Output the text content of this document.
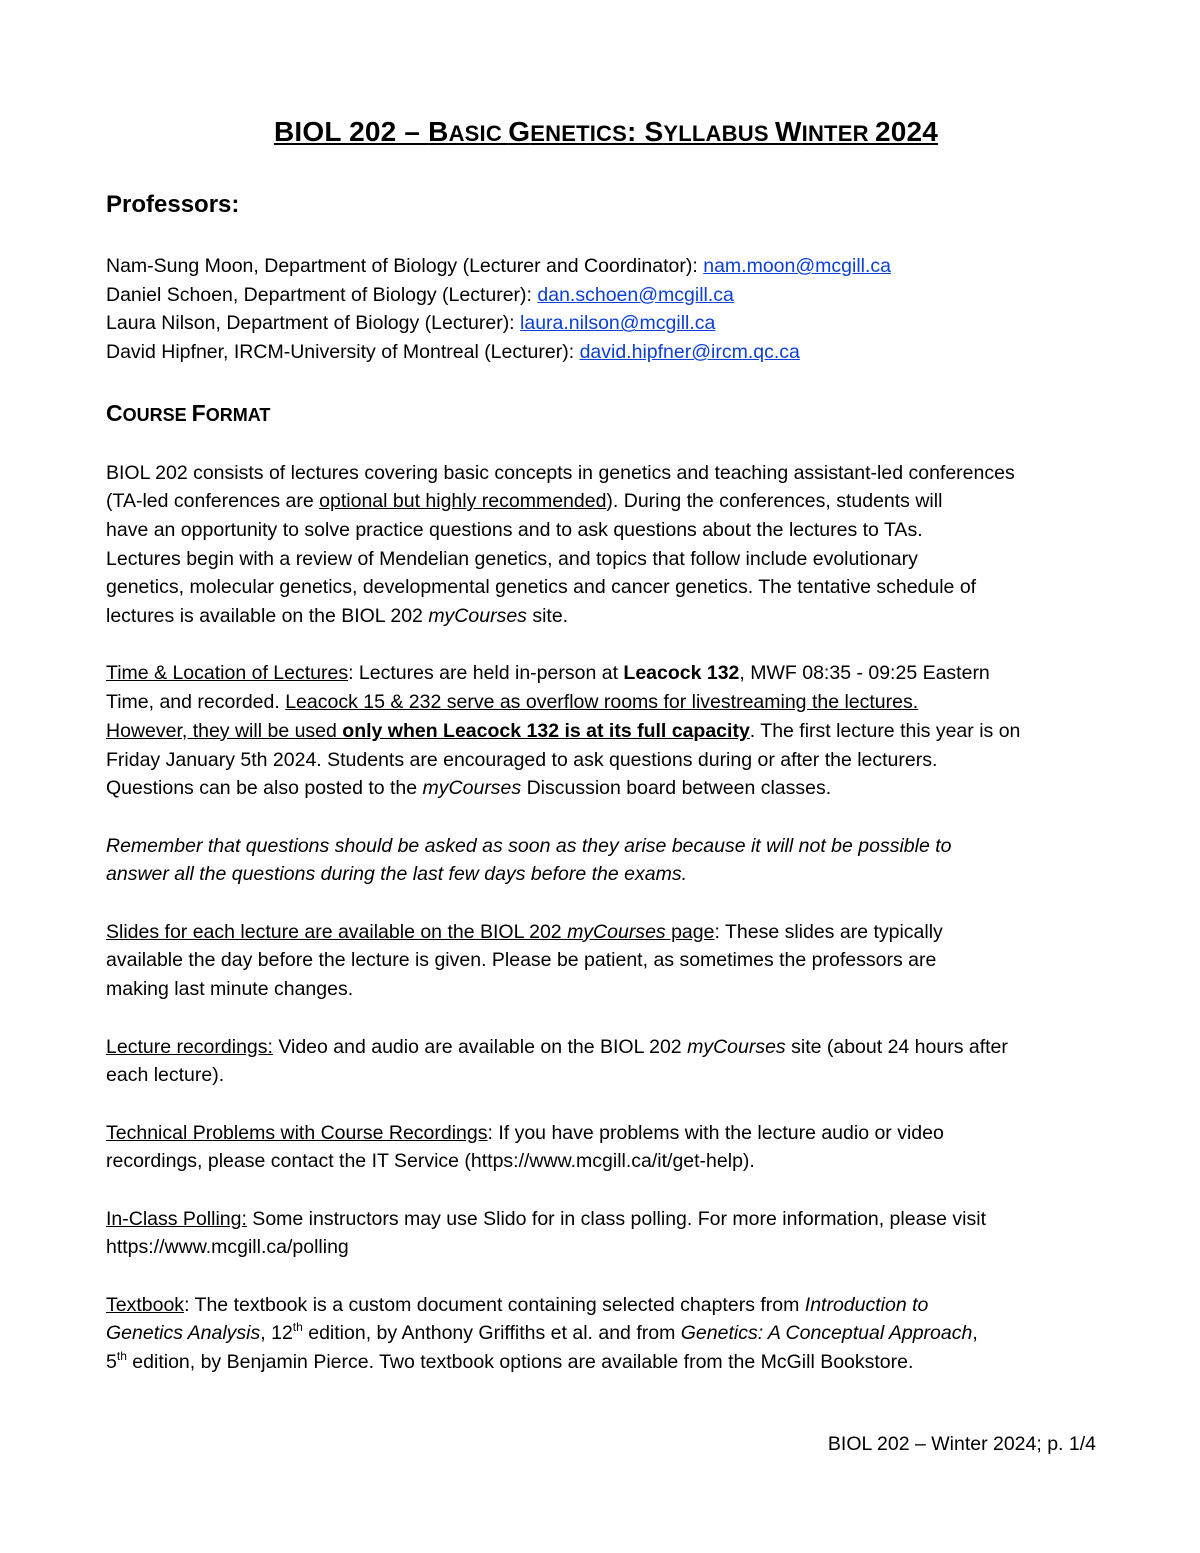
BIOL 202 – BASIC GENETICS: SYLLABUS WINTER 2024
Professors:
Nam-Sung Moon, Department of Biology (Lecturer and Coordinator): nam.moon@mcgill.ca
Daniel Schoen, Department of Biology (Lecturer): dan.schoen@mcgill.ca
Laura Nilson, Department of Biology (Lecturer): laura.nilson@mcgill.ca
David Hipfner, IRCM-University of Montreal (Lecturer): david.hipfner@ircm.qc.ca
COURSE FORMAT
BIOL 202 consists of lectures covering basic concepts in genetics and teaching assistant-led conferences
(TA-led conferences are optional but highly recommended). During the conferences, students will
have an opportunity to solve practice questions and to ask questions about the lectures to TAs.
Lectures begin with a review of Mendelian genetics, and topics that follow include evolutionary
genetics, molecular genetics, developmental genetics and cancer genetics. The tentative schedule of
lectures is available on the BIOL 202 myCourses site.
Time & Location of Lectures: Lectures are held in-person at Leacock 132, MWF 08:35 - 09:25 Eastern
Time, and recorded. Leacock 15 & 232 serve as overflow rooms for livestreaming the lectures.
However, they will be used only when Leacock 132 is at its full capacity. The first lecture this year is on
Friday January 5th 2024. Students are encouraged to ask questions during or after the lecturers.
Questions can be also posted to the myCourses Discussion board between classes.
Remember that questions should be asked as soon as they arise because it will not be possible to
answer all the questions during the last few days before the exams.
Slides for each lecture are available on the BIOL 202 myCourses page: These slides are typically
available the day before the lecture is given. Please be patient, as sometimes the professors are
making last minute changes.
Lecture recordings: Video and audio are available on the BIOL 202 myCourses site (about 24 hours after
each lecture).
Technical Problems with Course Recordings: If you have problems with the lecture audio or video
recordings, please contact the IT Service (https://www.mcgill.ca/it/get-help).
In-Class Polling: Some instructors may use Slido for in class polling. For more information, please visit
https://www.mcgill.ca/polling
Textbook: The textbook is a custom document containing selected chapters from Introduction to
Genetics Analysis, 12th edition, by Anthony Griffiths et al. and from Genetics: A Conceptual Approach,
5th edition, by Benjamin Pierce. Two textbook options are available from the McGill Bookstore.
BIOL 202 – Winter 2024; p. 1/4
